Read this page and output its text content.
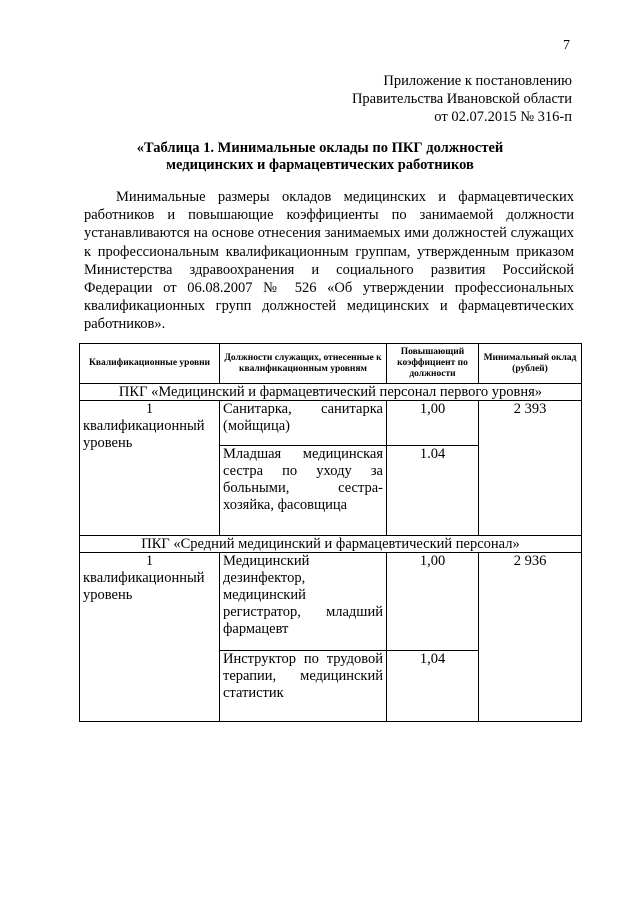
7
Приложение к постановлению
Правительства Ивановской области
от 02.07.2015 № 316-п
«Таблица 1. Минимальные оклады по ПКГ должностей
медицинских и фармацевтических работников

Минимальные размеры окладов медицинских и фармацевтических работников и повышающие коэффициенты по занимаемой должности устанавливаются на основе отнесения занимаемых ими должностей служащих к профессиональным квалификационным группам, утвержденным приказом Министерства здравоохранения и социального развития Российской Федерации от 06.08.2007 № 526 «Об утверждении профессиональных квалификационных групп должностей медицинских и фармацевтических работников».

Квалификационные уровни	Должности служащих, отнесенные к квалификационным уровням	Повышающий коэффициент по должности	Минимальный оклад (рублей)
ПКГ «Медицинский и фармацевтический персонал первого уровня»			

1
квалификационный уровень	Санитарка, санитарка (мойщица)	1,00	2 393
	Младшая медицинская сестра по уходу за больными, сестра-хозяйка, фасовщица	1.04	
ПКГ «Средний медицинский и фармацевтический персонал»			

1
квалификационный уровень	Медицинский дезинфектор, медицинский регистратор, младший фармацевт	1,00	2 936
	Инструктор по трудовой терапии, медицинский статистик	1,04	
